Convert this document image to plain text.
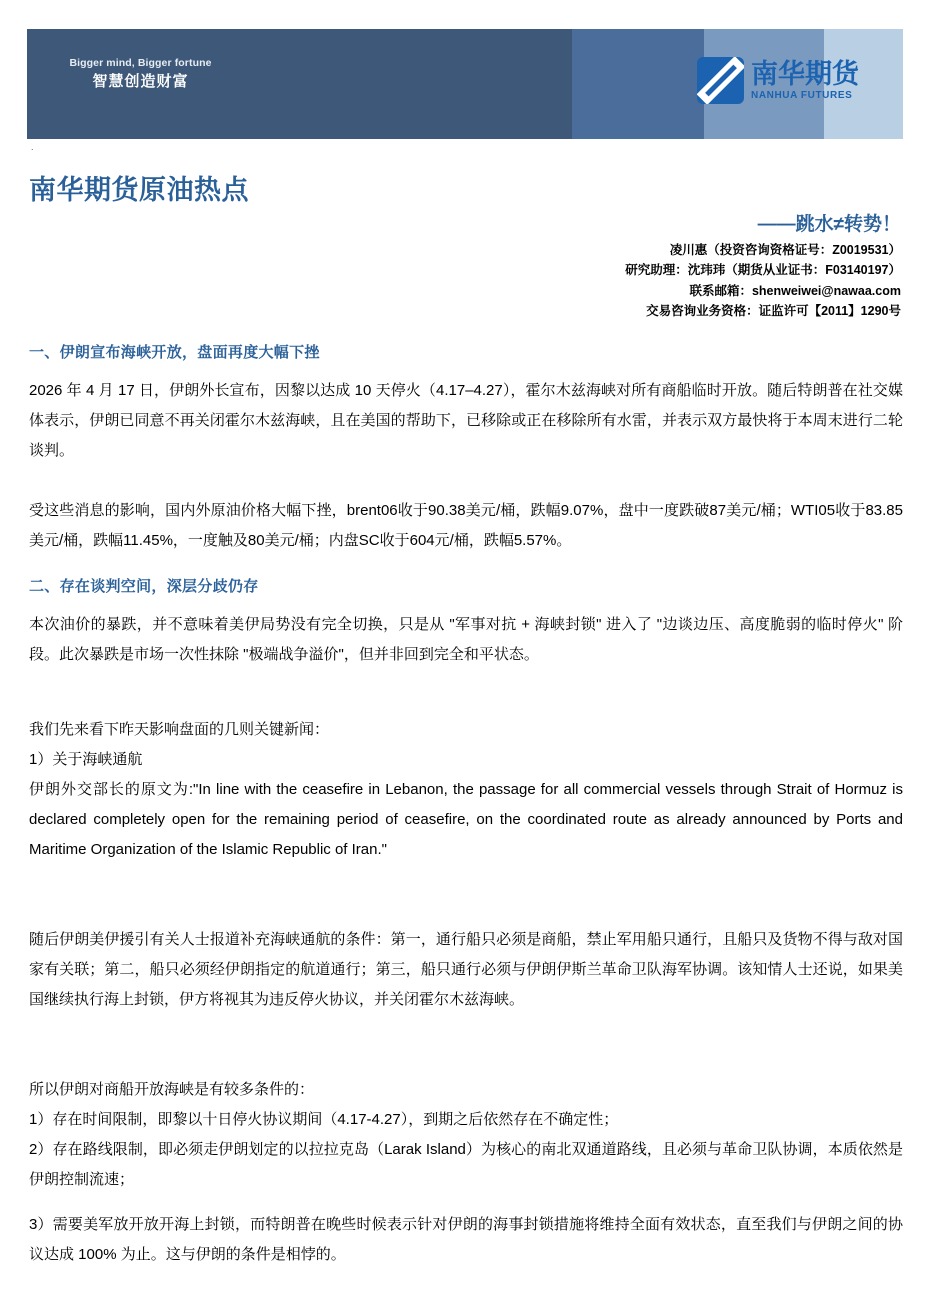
Bigger mind, Bigger fortune
智慧创造财富	南华期货
NANHUA FUTURES
.
南华期货原油热点
——跳水≠转势！
凌川惠（投资咨询资格证号：Z0019531）
研究助理：沈玮玮（期货从业证书：F03140197）
联系邮箱：shenweiwei@nawaa.com
交易咨询业务资格：证监许可【2011】1290号
一、伊朗宣布海峡开放，盘面再度大幅下挫
2026 年 4 月 17 日，伊朗外长宣布，因黎以达成 10 天停火（4.17–4.27），霍尔木兹海峡对所有商船临时开放。随后特朗普在社交媒体表示，伊朗已同意不再关闭霍尔木兹海峡，且在美国的帮助下，已移除或正在移除所有水雷，并表示双方最快将于本周末进行二轮谈判。
受这些消息的影响，国内外原油价格大幅下挫，brent06收于90.38美元/桶，跌幅9.07%，盘中一度跌破87美元/桶；WTI05收于83.85美元/桶，跌幅11.45%，一度触及80美元/桶；内盘SC收于604元/桶，跌幅5.57%。
二、存在谈判空间，深层分歧仍存
本次油价的暴跌，并不意味着美伊局势没有完全切换，只是从 "军事对抗 + 海峡封锁" 进入了 "边谈边压、高度脆弱的临时停火" 阶段。此次暴跌是市场一次性抹除 "极端战争溢价"，但并非回到完全和平状态。
我们先来看下昨天影响盘面的几则关键新闻：
1）关于海峡通航
伊朗外交部长的原文为:"In line with the ceasefire in Lebanon, the passage for all commercial vessels through Strait of Hormuz is declared completely open for the remaining period of ceasefire, on the coordinated route as already announced by Ports and Maritime Organization of the Islamic Republic of Iran."
随后伊朗美伊援引有关人士报道补充海峡通航的条件：第一，通行船只必须是商船，禁止军用船只通行，且船只及货物不得与敌对国家有关联；第二，船只必须经伊朗指定的航道通行；第三，船只通行必须与伊朗伊斯兰革命卫队海军协调。该知情人士还说，如果美国继续执行海上封锁，伊方将视其为违反停火协议，并关闭霍尔木兹海峡。
所以伊朗对商船开放海峡是有较多条件的：
1）存在时间限制，即黎以十日停火协议期间（4.17-4.27），到期之后依然存在不确定性；
2）存在路线限制，即必须走伊朗划定的以拉拉克岛（Larak Island）为核心的南北双通道路线，且必须与革命卫队协调，本质依然是伊朗控制流速；
3）需要美军放开放开海上封锁，而特朗普在晚些时候表示针对伊朗的海事封锁措施将维持全面有效状态，直至我们与伊朗之间的协议达成 100% 为止。这与伊朗的条件是相悖的。
